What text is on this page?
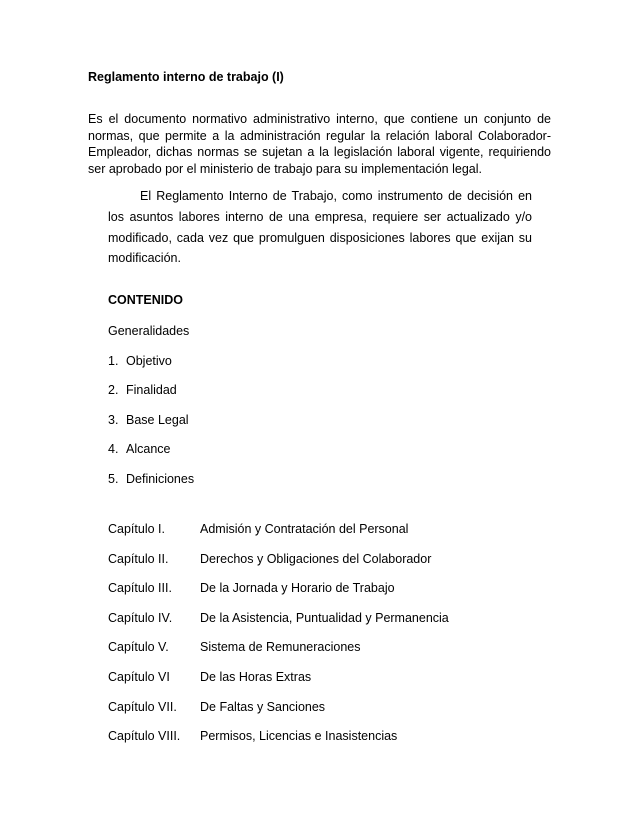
Reglamento interno de trabajo (I)

Es el documento normativo administrativo interno, que contiene un conjunto de normas, que permite a la administración regular la relación laboral Colaborador-Empleador, dichas normas se sujetan a la legislación laboral vigente, requiriendo ser aprobado por el ministerio de trabajo para su implementación legal.

El Reglamento Interno de Trabajo, como instrumento de decisión en los asuntos labores interno de una empresa, requiere ser actualizado y/o modificado, cada vez que promulguen disposiciones labores que exijan su modificación.

CONTENIDO
Generalidades
1. Objetivo
2. Finalidad
3. Base Legal
4. Alcance
5. Definiciones
Capítulo I.	Admisión y Contratación del Personal
Capítulo II.	Derechos y Obligaciones del Colaborador
Capítulo III. De la Jornada y Horario de Trabajo
Capítulo IV. De la Asistencia, Puntualidad y Permanencia
Capítulo V.	Sistema de Remuneraciones
Capítulo VI De las Horas Extras
Capítulo VII. De Faltas y Sanciones
Capítulo VIII. Permisos, Licencias e Inasistencias
